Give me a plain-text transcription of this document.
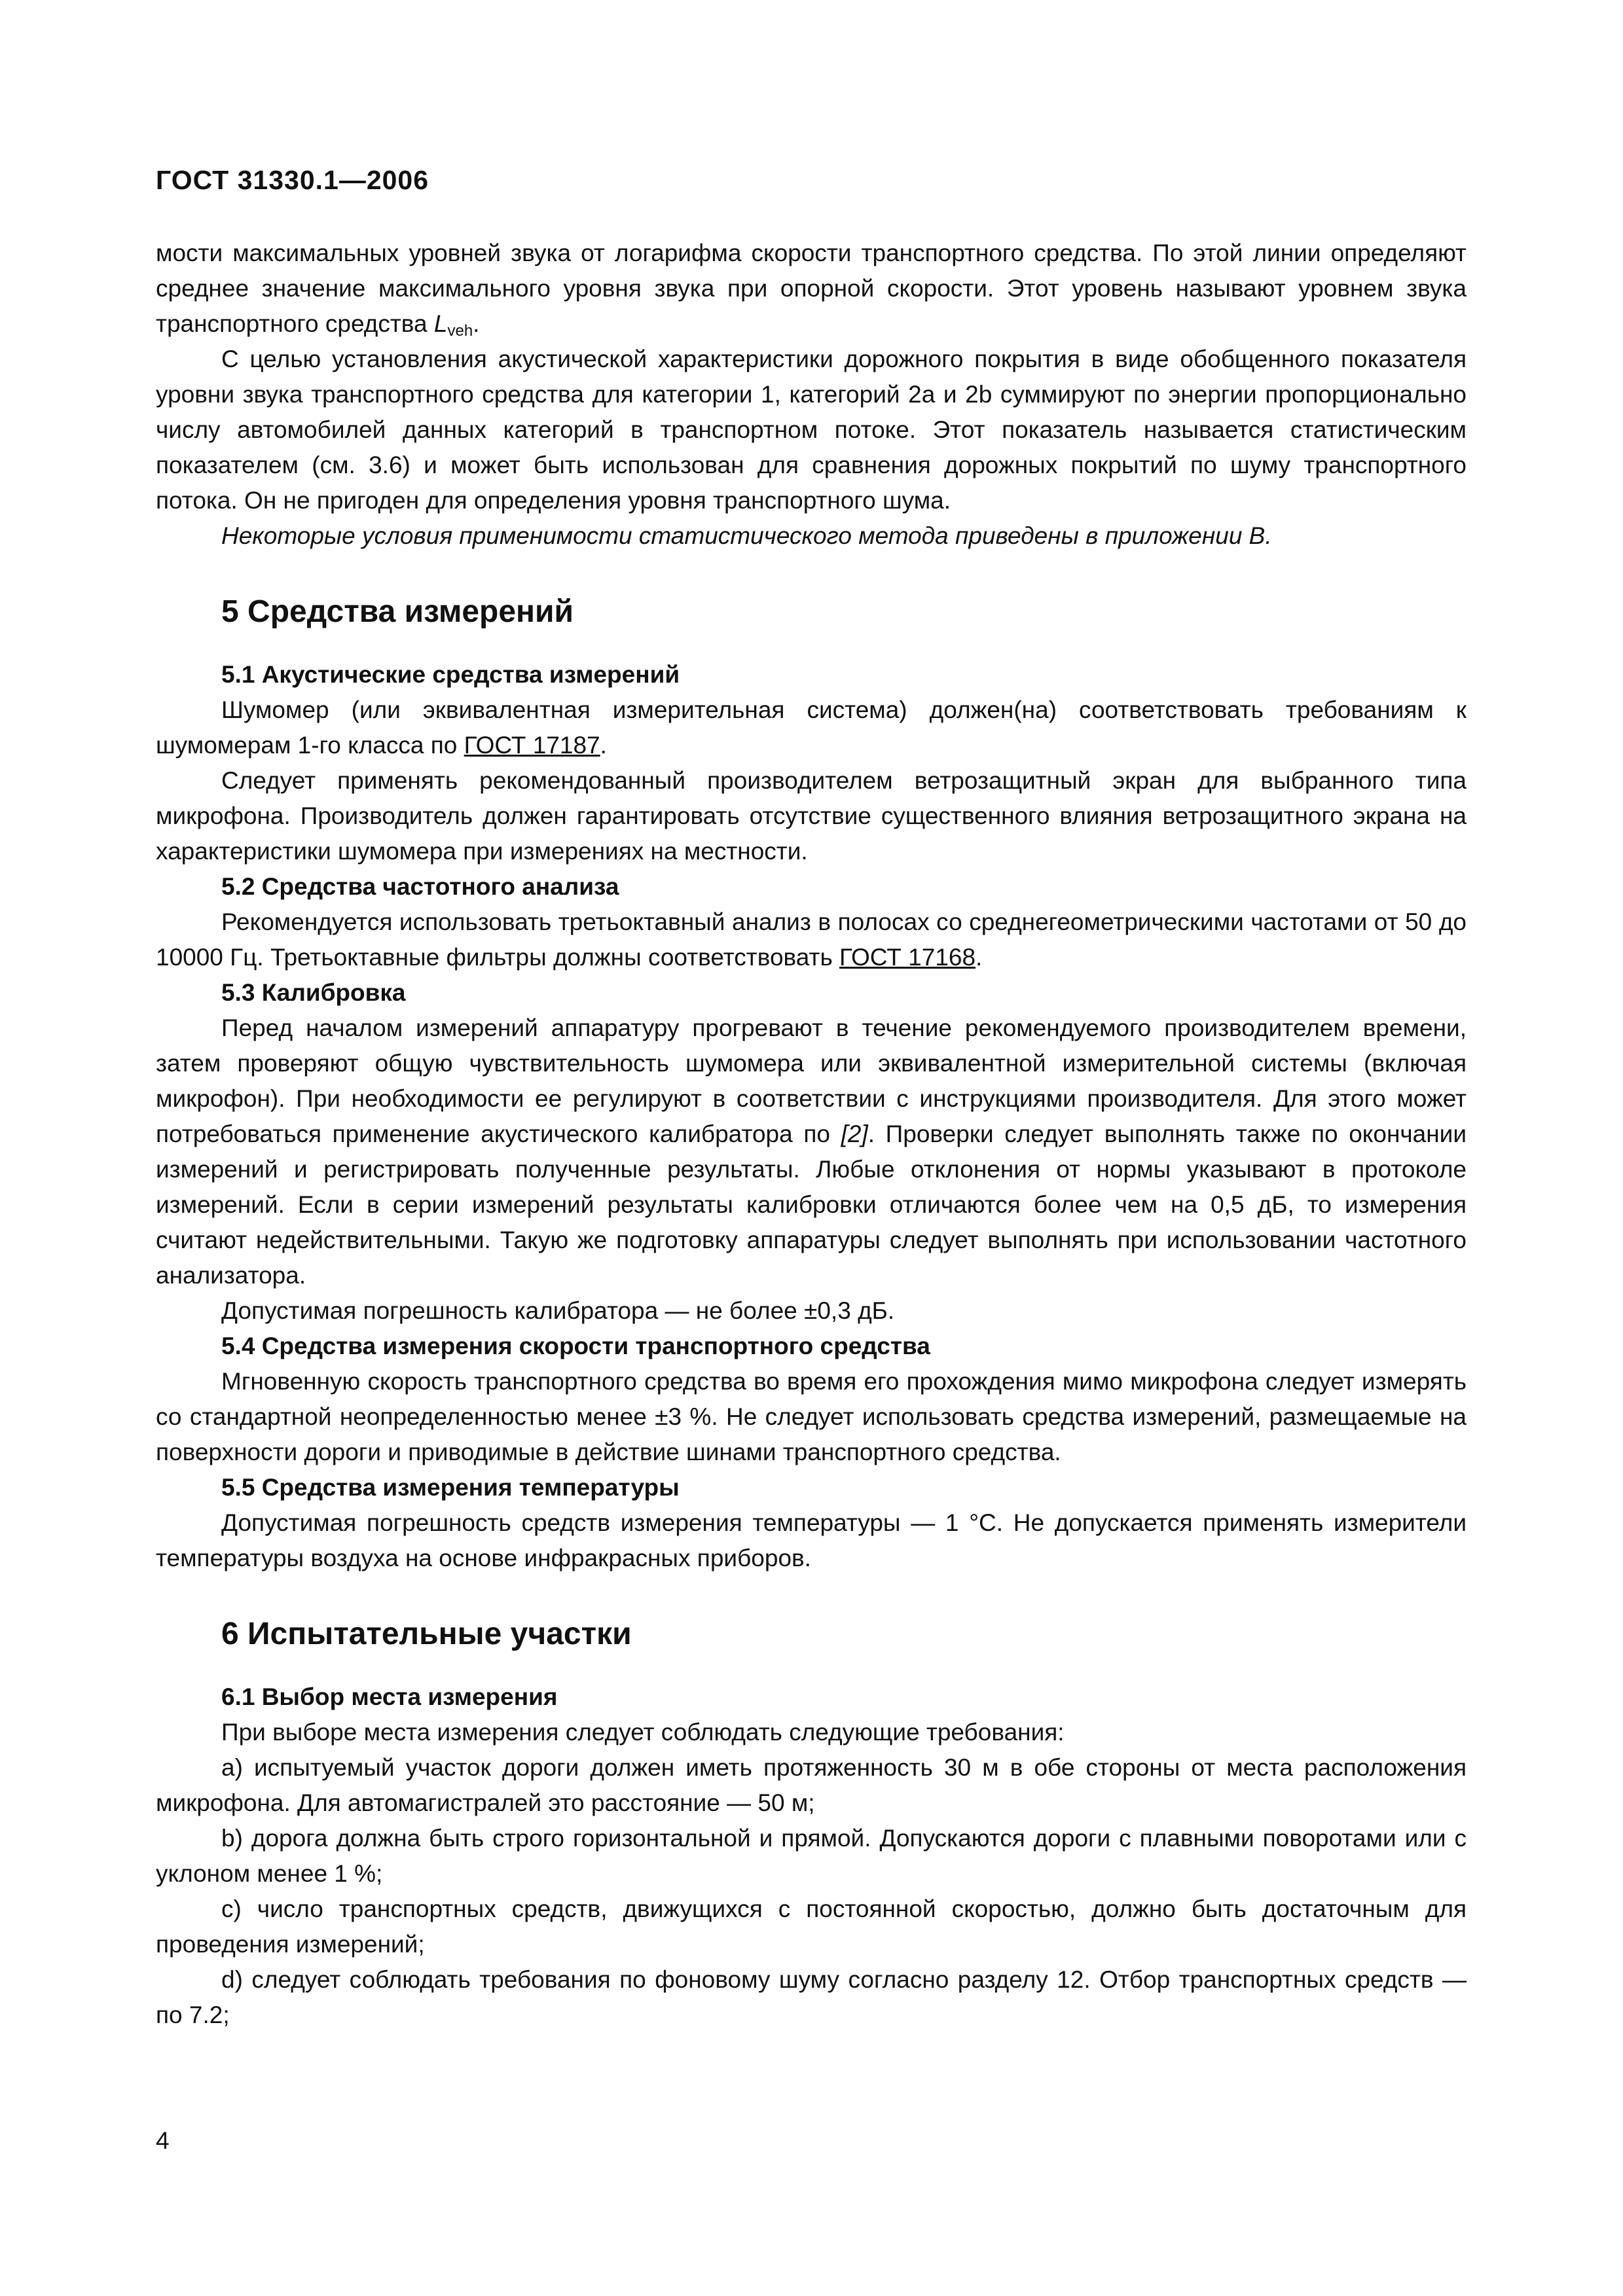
ГОСТ 31330.1—2006

мости максимальных уровней звука от логарифма скорости транспортного средства. По этой линии определяют среднее значение максимального уровня звука при опорной скорости. Этот уровень называют уровнем звука транспортного средства $L_{veh}$.

С целью установления акустической характеристики дорожного покрытия в виде обобщенного показателя уровни звука транспортного средства для категории 1, категорий 2а и 2b суммируют по энергии пропорционально числу автомобилей данных категорий в транспортном потоке. Этот показатель называется статистическим показателем (см. 3.6) и может быть использован для сравнения дорожных покрытий по шуму транспортного потока. Он не пригоден для определения уровня транспортного шума.

Некоторые условия применимости статистического метода приведены в приложении В.

5 Средства измерений

5.1 Акустические средства измерений

Шумомер (или эквивалентная измерительная система) должен(на) соответствовать требованиям к шумомерам 1-го класса по ГОСТ 17187.

Следует применять рекомендованный производителем ветрозащитный экран для выбранного типа микрофона. Производитель должен гарантировать отсутствие существенного влияния ветрозащитного экрана на характеристики шумомера при измерениях на местности.

5.2 Средства частотного анализа

Рекомендуется использовать третьоктавный анализ в полосах со среднегеометрическими частотами от 50 до 10000 Гц. Третьоктавные фильтры должны соответствовать ГОСТ 17168.

5.3 Калибровка

Перед началом измерений аппаратуру прогревают в течение рекомендуемого производителем времени, затем проверяют общую чувствительность шумомера или эквивалентной измерительной системы (включая микрофон). При необходимости ее регулируют в соответствии с инструкциями производителя. Для этого может потребоваться применение акустического калибратора по [2]. Проверки следует выполнять также по окончании измерений и регистрировать полученные результаты. Любые отклонения от нормы указывают в протоколе измерений. Если в серии измерений результаты калибровки отличаются более чем на 0,5 дБ, то измерения считают недействительными. Такую же подготовку аппаратуры следует выполнять при использовании частотного анализатора.

Допустимая погрешность калибратора — не более ±0,3 дБ.

5.4 Средства измерения скорости транспортного средства

Мгновенную скорость транспортного средства во время его прохождения мимо микрофона следует измерять со стандартной неопределенностью менее ±3 %. Не следует использовать средства измерений, размещаемые на поверхности дороги и приводимые в действие шинами транспортного средства.

5.5 Средства измерения температуры

Допустимая погрешность средств измерения температуры — 1 °С. Не допускается применять измерители температуры воздуха на основе инфракрасных приборов.

6 Испытательные участки

6.1 Выбор места измерения

При выборе места измерения следует соблюдать следующие требования:

a) испытуемый участок дороги должен иметь протяженность 30 м в обе стороны от места расположения микрофона. Для автомагистралей это расстояние — 50 м;

b) дорога должна быть строго горизонтальной и прямой. Допускаются дороги с плавными поворотами или с уклоном менее 1 %;

c) число транспортных средств, движущихся с постоянной скоростью, должно быть достаточным для проведения измерений;

d) следует соблюдать требования по фоновому шуму согласно разделу 12. Отбор транспортных средств — по 7.2;

4
